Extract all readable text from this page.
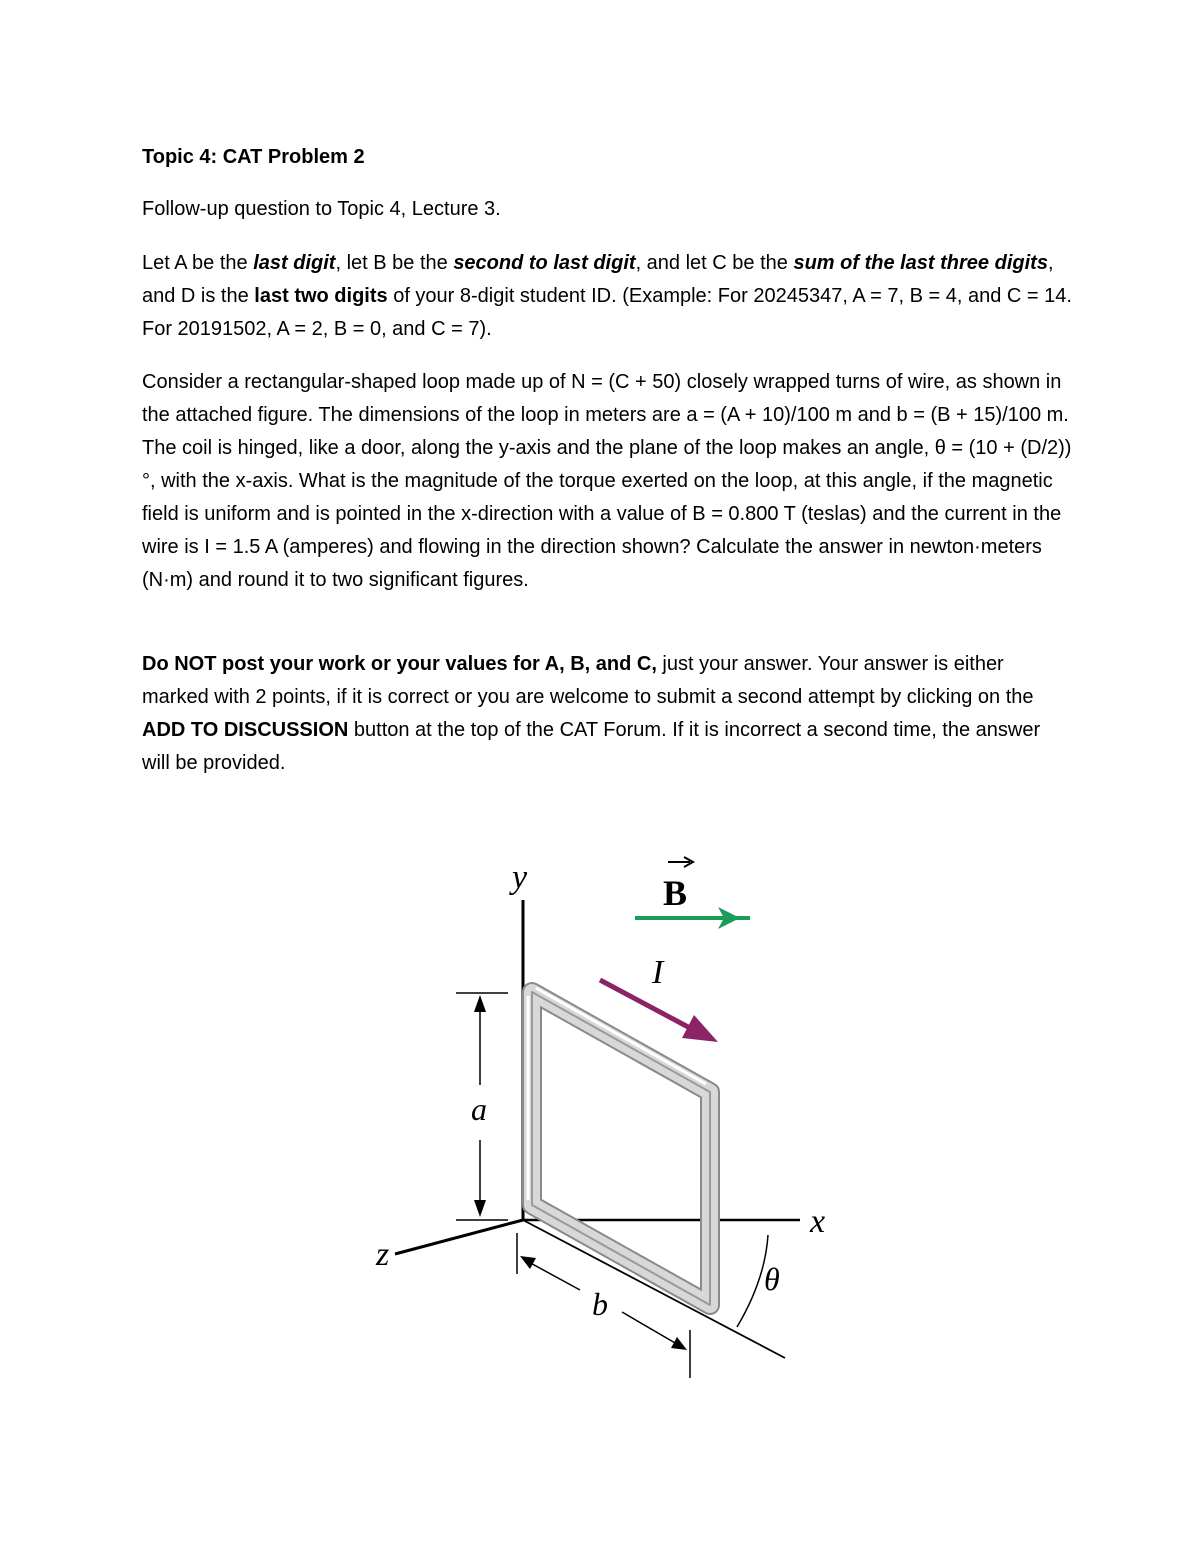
Topic 4: CAT Problem 2
Follow-up question to Topic 4, Lecture 3.

Let A be the last digit, let B be the second to last digit, and let C be the sum of the last three digits, and D is the last two digits of your 8-digit student ID. (Example: For 20245347, A = 7, B = 4, and C = 14. For 20191502, A = 2, B = 0, and C = 7).

Consider a rectangular-shaped loop made up of N = (C + 50) closely wrapped turns of wire, as shown in the attached figure. The dimensions of the loop in meters are a = (A + 10)/100 m and b = (B + 15)/100 m. The coil is hinged, like a door, along the y-axis and the plane of the loop makes an angle, θ = (10 + (D/2))°, with the x-axis. What is the magnitude of the torque exerted on the loop, at this angle, if the magnetic field is uniform and is pointed in the x-direction with a value of B = 0.800 T (teslas) and the current in the wire is I = 1.5 A (amperes) and flowing in the direction shown? Calculate the answer in newton·meters (N·m) and round it to two significant figures.

Do NOT post your work or your values for A, B, and C, just your answer. Your answer is either marked with 2 points, if it is correct or you are welcome to submit a second attempt by clicking on the ADD TO DISCUSSION button at the top of the CAT Forum. If it is incorrect a second time, the answer will be provided.

a
b
θ
y
x
z
B
I
